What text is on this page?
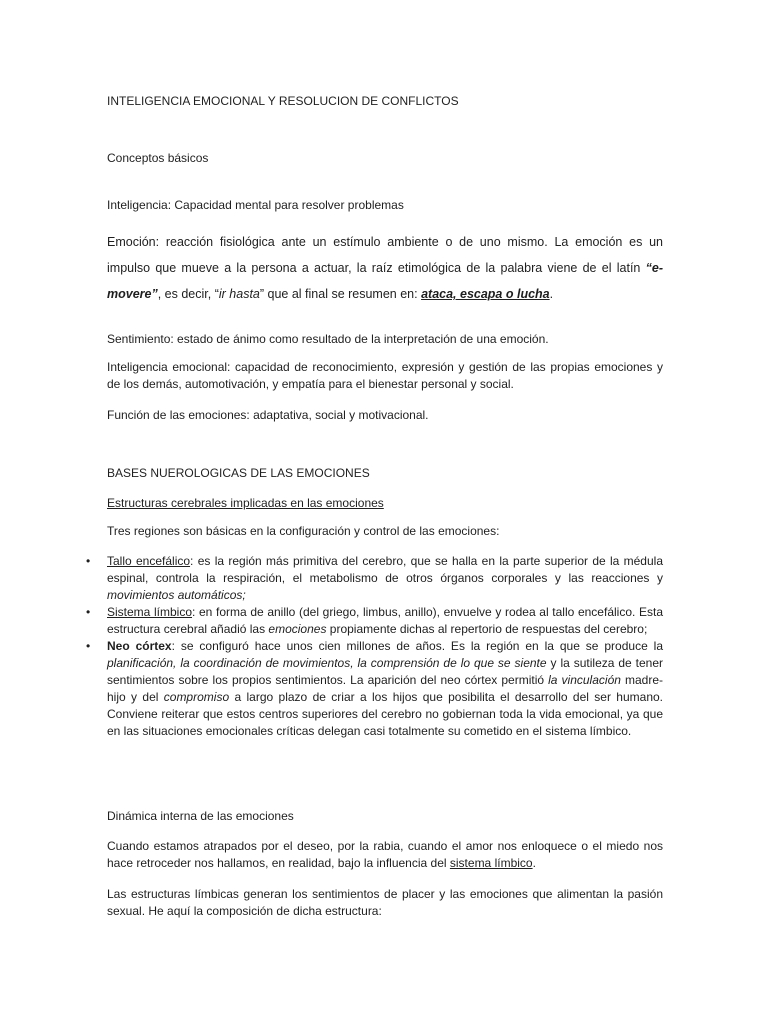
INTELIGENCIA EMOCIONAL Y RESOLUCION DE CONFLICTOS

Conceptos básicos

Inteligencia: Capacidad mental para resolver problemas

Emoción: reacción fisiológica ante un estímulo ambiente o de uno mismo. La emoción es un impulso que mueve a la persona a actuar, la raíz etimológica de la palabra viene de el latín “e-movere”, es decir, “ir hasta” que al final se resumen en: ataca, escapa o lucha.

Sentimiento: estado de ánimo como resultado de la interpretación de una emoción.

Inteligencia emocional: capacidad de reconocimiento, expresión y gestión de las propias emociones y de los demás, automotivación, y empatía para el bienestar personal y social.

Función de las emociones: adaptativa, social y motivacional.

BASES NUEROLOGICAS DE LAS EMOCIONES

Estructuras cerebrales implicadas en las emociones

Tres regiones son básicas en la configuración y control de las emociones:

• Tallo encefálico: es la región más primitiva del cerebro, que se halla en la parte superior de la médula espinal, controla la respiración, el metabolismo de otros órganos corporales y las reacciones y movimientos automáticos;
• Sistema límbico: en forma de anillo (del griego, limbus, anillo), envuelve y rodea al tallo encefálico. Esta estructura cerebral añadió las emociones propiamente dichas al repertorio de respuestas del cerebro;
• Neo córtex: se configuró hace unos cien millones de años. Es la región en la que se produce la planificación, la coordinación de movimientos, la comprensión de lo que se siente y la sutileza de tener sentimientos sobre los propios sentimientos. La aparición del neo córtex permitió la vinculación madre-hijo y del compromiso a largo plazo de criar a los hijos que posibilita el desarrollo del ser humano. Conviene reiterar que estos centros superiores del cerebro no gobiernan toda la vida emocional, ya que en las situaciones emocionales críticas delegan casi totalmente su cometido en el sistema límbico.

Dinámica interna de las emociones

Cuando estamos atrapados por el deseo, por la rabia, cuando el amor nos enloquece o el miedo nos hace retroceder nos hallamos, en realidad, bajo la influencia del sistema límbico.

Las estructuras límbicas generan los sentimientos de placer y las emociones que alimentan la pasión sexual. He aquí la composición de dicha estructura:
